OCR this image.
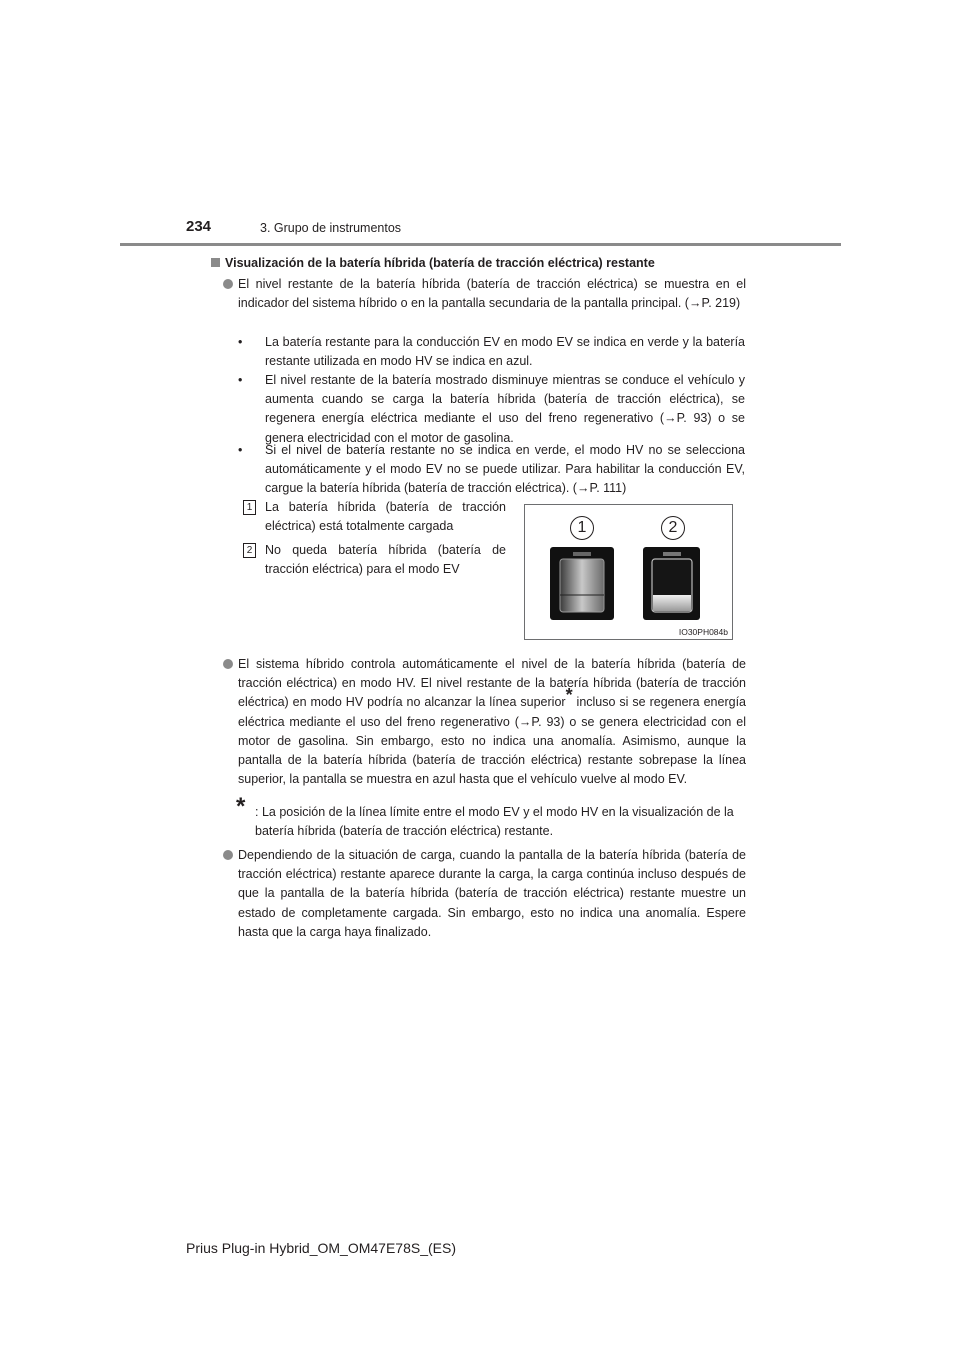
234	3. Grupo de instrumentos
Visualización de la batería híbrida (batería de tracción eléctrica) restante
El nivel restante de la batería híbrida (batería de tracción eléctrica) se muestra en el indicador del sistema híbrido o en la pantalla secundaria de la pantalla principal. (→P. 219)
• La batería restante para la conducción EV en modo EV se indica en verde y la batería restante utilizada en modo HV se indica en azul.
• El nivel restante de la batería mostrado disminuye mientras se conduce el vehículo y aumenta cuando se carga la batería híbrida (batería de tracción eléctrica), se regenera energía eléctrica mediante el uso del freno regenerativo (→P. 93) o se genera electricidad con el motor de gasolina.
• Si el nivel de batería restante no se indica en verde, el modo HV no se selecciona automáticamente y el modo EV no se puede utilizar. Para habilitar la conducción EV, cargue la batería híbrida (batería de tracción eléctrica). (→P. 111)
1 La batería híbrida (batería de tracción eléctrica) está totalmente cargada
2 No queda batería híbrida (batería de tracción eléctrica) para el modo EV
1	2
IO30PH084b
El sistema híbrido controla automáticamente el nivel de la batería híbrida (batería de tracción eléctrica) en modo HV. El nivel restante de la batería híbrida (batería de tracción eléctrica) en modo HV podría no alcanzar la línea superior* incluso si se regenera energía eléctrica mediante el uso del freno regenerativo (→P. 93) o se genera electricidad con el motor de gasolina. Sin embargo, esto no indica una anomalía. Asimismo, aunque la pantalla de la batería híbrida (batería de tracción eléctrica) restante sobrepase la línea superior, la pantalla se muestra en azul hasta que el vehículo vuelve al modo EV.
* : La posición de la línea límite entre el modo EV y el modo HV en la visualización de la batería híbrida (batería de tracción eléctrica) restante.
Dependiendo de la situación de carga, cuando la pantalla de la batería híbrida (batería de tracción eléctrica) restante aparece durante la carga, la carga continúa incluso después de que la pantalla de la batería híbrida (batería de tracción eléctrica) restante muestre un estado de completamente cargada. Sin embargo, esto no indica una anomalía. Espere hasta que la carga haya finalizado.
Prius Plug-in Hybrid_OM_OM47E78S_(ES)
